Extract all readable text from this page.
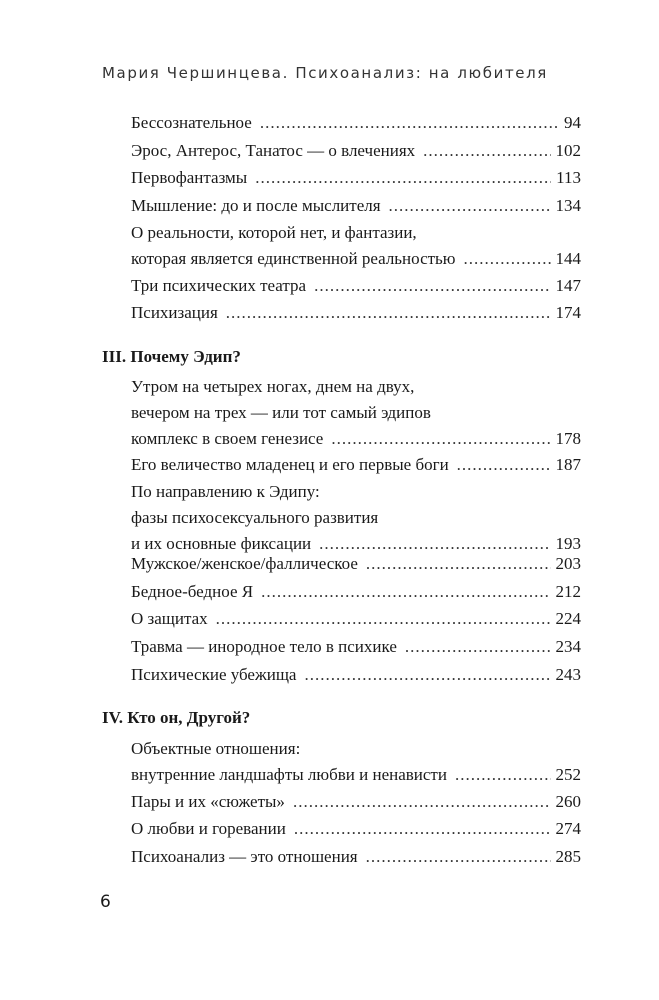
Мария Чершинцева. Психоанализ: на любителя
Бессознательное .....	94
Эрос, Антерос, Танатос — о влечениях .....	102
Первофантазмы .....	113
Мышление: до и после мыслителя .....	134
О реальности, которой нет, и фантазии,
которая является единственной реальностью .....	144
Три психических театра .....	147
Психизация .....	174
III. Почему Эдип?
Утром на четырех ногах, днем на двух,
вечером на трех — или тот самый эдипов
комплекс в своем генезисе .....	178
Его величество младенец и его первые боги .....	187
По направлению к Эдипу:
фазы психосексуального развития
и их основные фиксации .....	193
Мужское/женское/фаллическое .....	203
Бедное-бедное Я .....	212
О защитах .....	224
Травма — инородное тело в психике .....	234
Психические убежища .....	243
IV. Кто он, Другой?
Объектные отношения:
внутренние ландшафты любви и ненависти .....	252
Пары и их «сюжеты» .....	260
О любви и горевании .....	274
Психоанализ — это отношения .....	285
6
